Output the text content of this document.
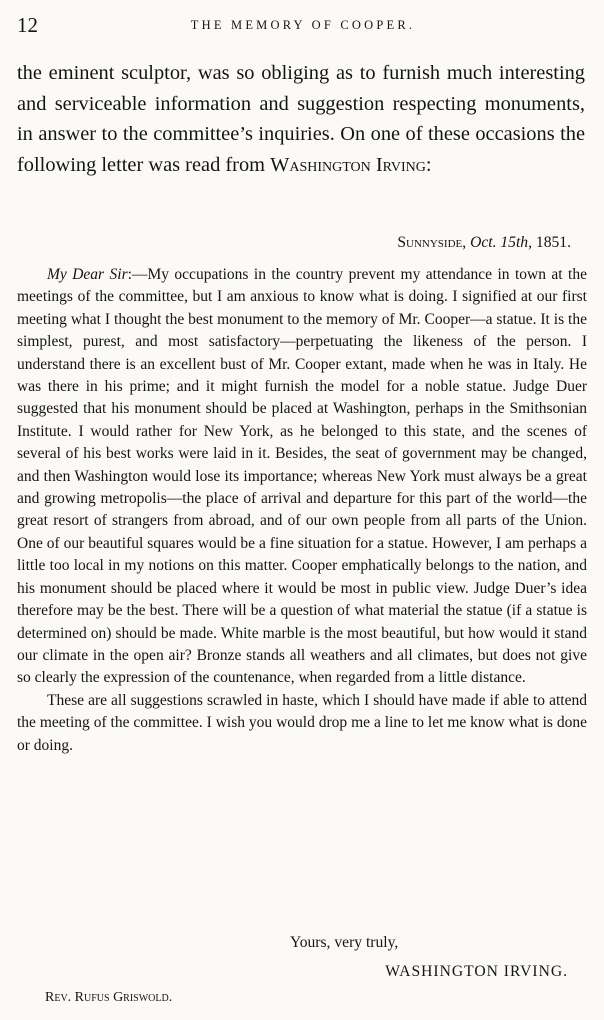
12	THE MEMORY OF COOPER.
the eminent sculptor, was so obliging as to furnish much interesting and serviceable information and suggestion respecting monuments, in answer to the committee’s inquiries. On one of these occasions the following letter was read from Washington Irving:
Sunnyside, Oct. 15th, 1851.

My Dear Sir:—My occupations in the country prevent my attendance in town at the meetings of the committee, but I am anxious to know what is doing. I signified at our first meeting what I thought the best monument to the memory of Mr. Cooper—a statue. It is the simplest, purest, and most satisfactory—perpetuating the likeness of the person. I understand there is an excellent bust of Mr. Cooper extant, made when he was in Italy. He was there in his prime; and it might furnish the model for a noble statue. Judge Duer suggested that his monument should be placed at Washington, perhaps in the Smithsonian Institute. I would rather for New York, as he belonged to this state, and the scenes of several of his best works were laid in it. Besides, the seat of government may be changed, and then Washington would lose its importance; whereas New York must always be a great and growing metropolis—the place of arrival and departure for this part of the world—the great resort of strangers from abroad, and of our own people from all parts of the Union. One of our beautiful squares would be a fine situation for a statue. However, I am perhaps a little too local in my notions on this matter. Cooper emphatically belongs to the nation, and his monument should be placed where it would be most in public view. Judge Duer’s idea therefore may be the best. There will be a question of what material the statue (if a statue is determined on) should be made. White marble is the most beautiful, but how would it stand our climate in the open air? Bronze stands all weathers and all climates, but does not give so clearly the expression of the countenance, when regarded from a little distance.

These are all suggestions scrawled in haste, which I should have made if able to attend the meeting of the committee. I wish you would drop me a line to let me know what is done or doing.

Yours, very truly,
WASHINGTON IRVING.
Rev. Rufus Griswold.
